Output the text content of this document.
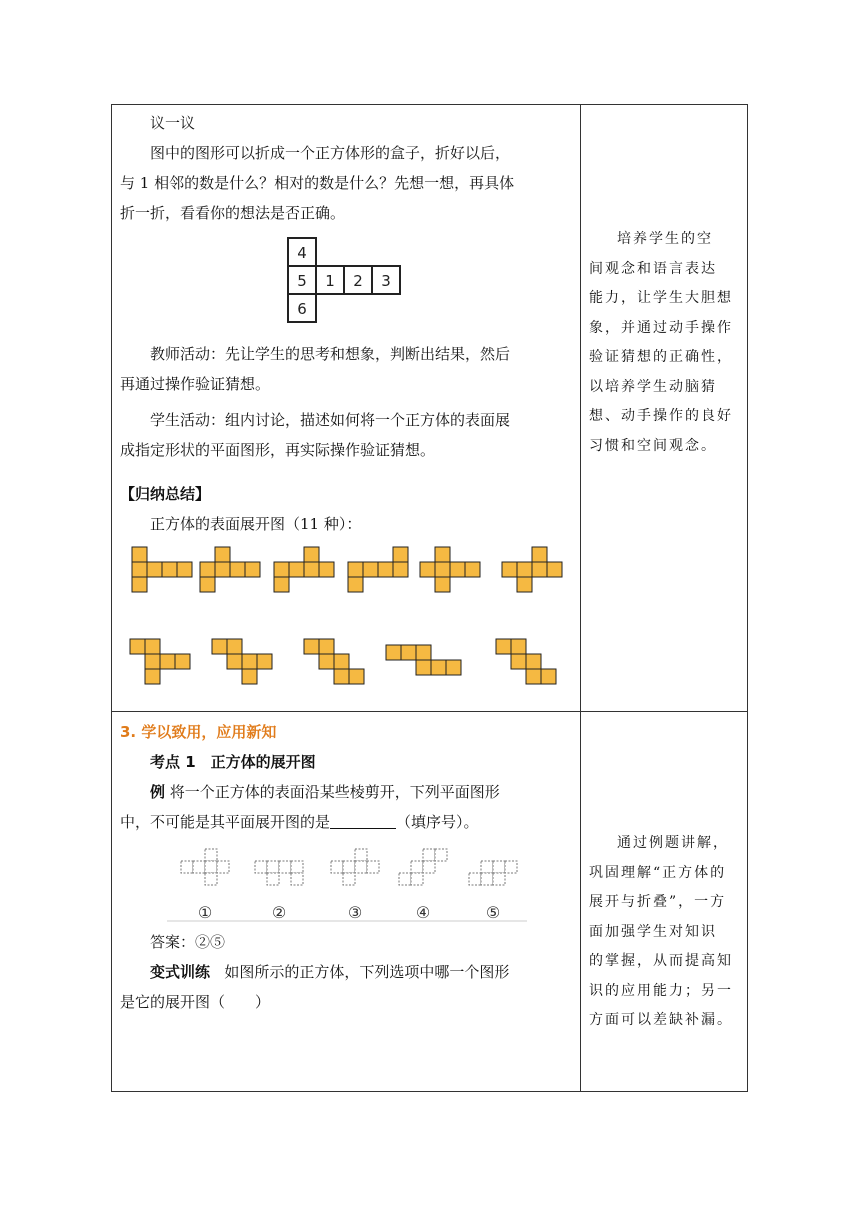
议一议

图中的图形可以折成一个正方体形的盒子，折好以后，

与 1 相邻的数是什么？相对的数是什么？先想一想，再具体

折一折，看看你的想法是否正确。

4
5 1 2 3
6

教师活动：先让学生的思考和想象，判断出结果，然后

再通过操作验证猜想。

学生活动：组内讨论，描述如何将一个正方体的表面展

成指定形状的平面图形，再实际操作验证猜想。

【归纳总结】

正方体的表面展开图（11 种）：

培养学生的空

间观念和语言表达

能力，让学生大胆想

象，并通过动手操作

验证猜想的正确性，

以培养学生动脑猜

想、动手操作的良好

习惯和空间观念。

3. 学以致用，应用新知

考点 1　正方体的展开图

例 将一个正方体的表面沿某些棱剪开，下列平面图形

中，不可能是其平面展开图的是	（填序号）。

①	②	③	④	⑤

答案：②⑤

变式训练 如图所示的正方体，下列选项中哪一个图形

是它的展开图（　　）

通过例题讲解，

巩固理解“正方体的

展开与折叠”，一方

面加强学生对知识

的掌握，从而提高知

识的应用能力；另一

方面可以差缺补漏。
